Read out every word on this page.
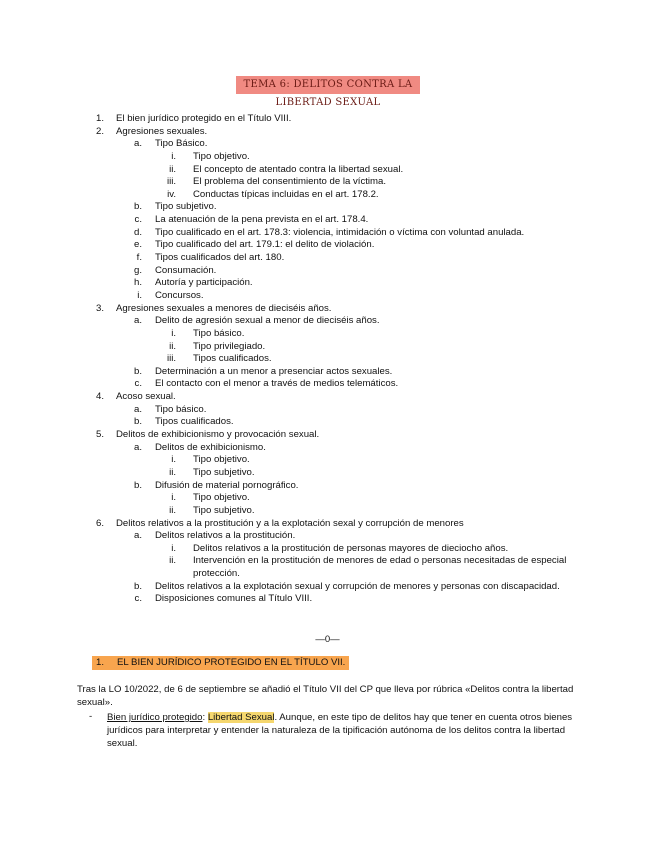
TEMA 6: DELITOS CONTRA LA LIBERTAD SEXUAL
1. El bien jurídico protegido en el Título VIII.
2. Agresiones sexuales.
a. Tipo Básico.
i. Tipo objetivo.
ii. El concepto de atentado contra la libertad sexual.
iii. El problema del consentimiento de la víctima.
iv. Conductas típicas incluidas en el art. 178.2.
b. Tipo subjetivo.
c. La atenuación de la pena prevista en el art. 178.4.
d. Tipo cualificado en el art. 178.3: violencia, intimidación o víctima con voluntad anulada.
e. Tipo cualificado del art. 179.1: el delito de violación.
f. Tipos cualificados del art. 180.
g. Consumación.
h. Autoría y participación.
i. Concursos.
3. Agresiones sexuales a menores de dieciséis años.
a. Delito de agresión sexual a menor de dieciséis años.
i. Tipo básico.
ii. Tipo privilegiado.
iii. Tipos cualificados.
b. Determinación a un menor a presenciar actos sexuales.
c. El contacto con el menor a través de medios telemáticos.
4. Acoso sexual.
a. Tipo básico.
b. Tipos cualificados.
5. Delitos de exhibicionismo y provocación sexual.
a. Delitos de exhibicionismo.
i. Tipo objetivo.
ii. Tipo subjetivo.
b. Difusión de material pornográfico.
i. Tipo objetivo.
ii. Tipo subjetivo.
6. Delitos relativos a la prostitución y a la explotación sexal y corrupción de menores
a. Delitos relativos a la prostitución.
i. Delitos relativos a la prostitución de personas mayores de dieciocho años.
ii. Intervención en la prostitución de menores de edad o personas necesitadas de especial
protección.
b. Delitos relativos a la explotación sexual y corrupción de menores y personas con discapacidad.
c. Disposiciones comunes al Título VIII.
—0—
1. EL BIEN JURÍDICO PROTEGIDO EN EL TÍTULO VII.
Tras la LO 10/2022, de 6 de septiembre se añadió el Título VII del CP que lleva por rúbrica «Delitos contra la libertad sexual».
- Bien jurídico protegido: Libertad Sexual. Aunque, en este tipo de delitos hay que tener en cuenta otros bienes jurídicos para interpretar y entender la naturaleza de la tipificación autónoma de los delitos contra la libertad sexual.
